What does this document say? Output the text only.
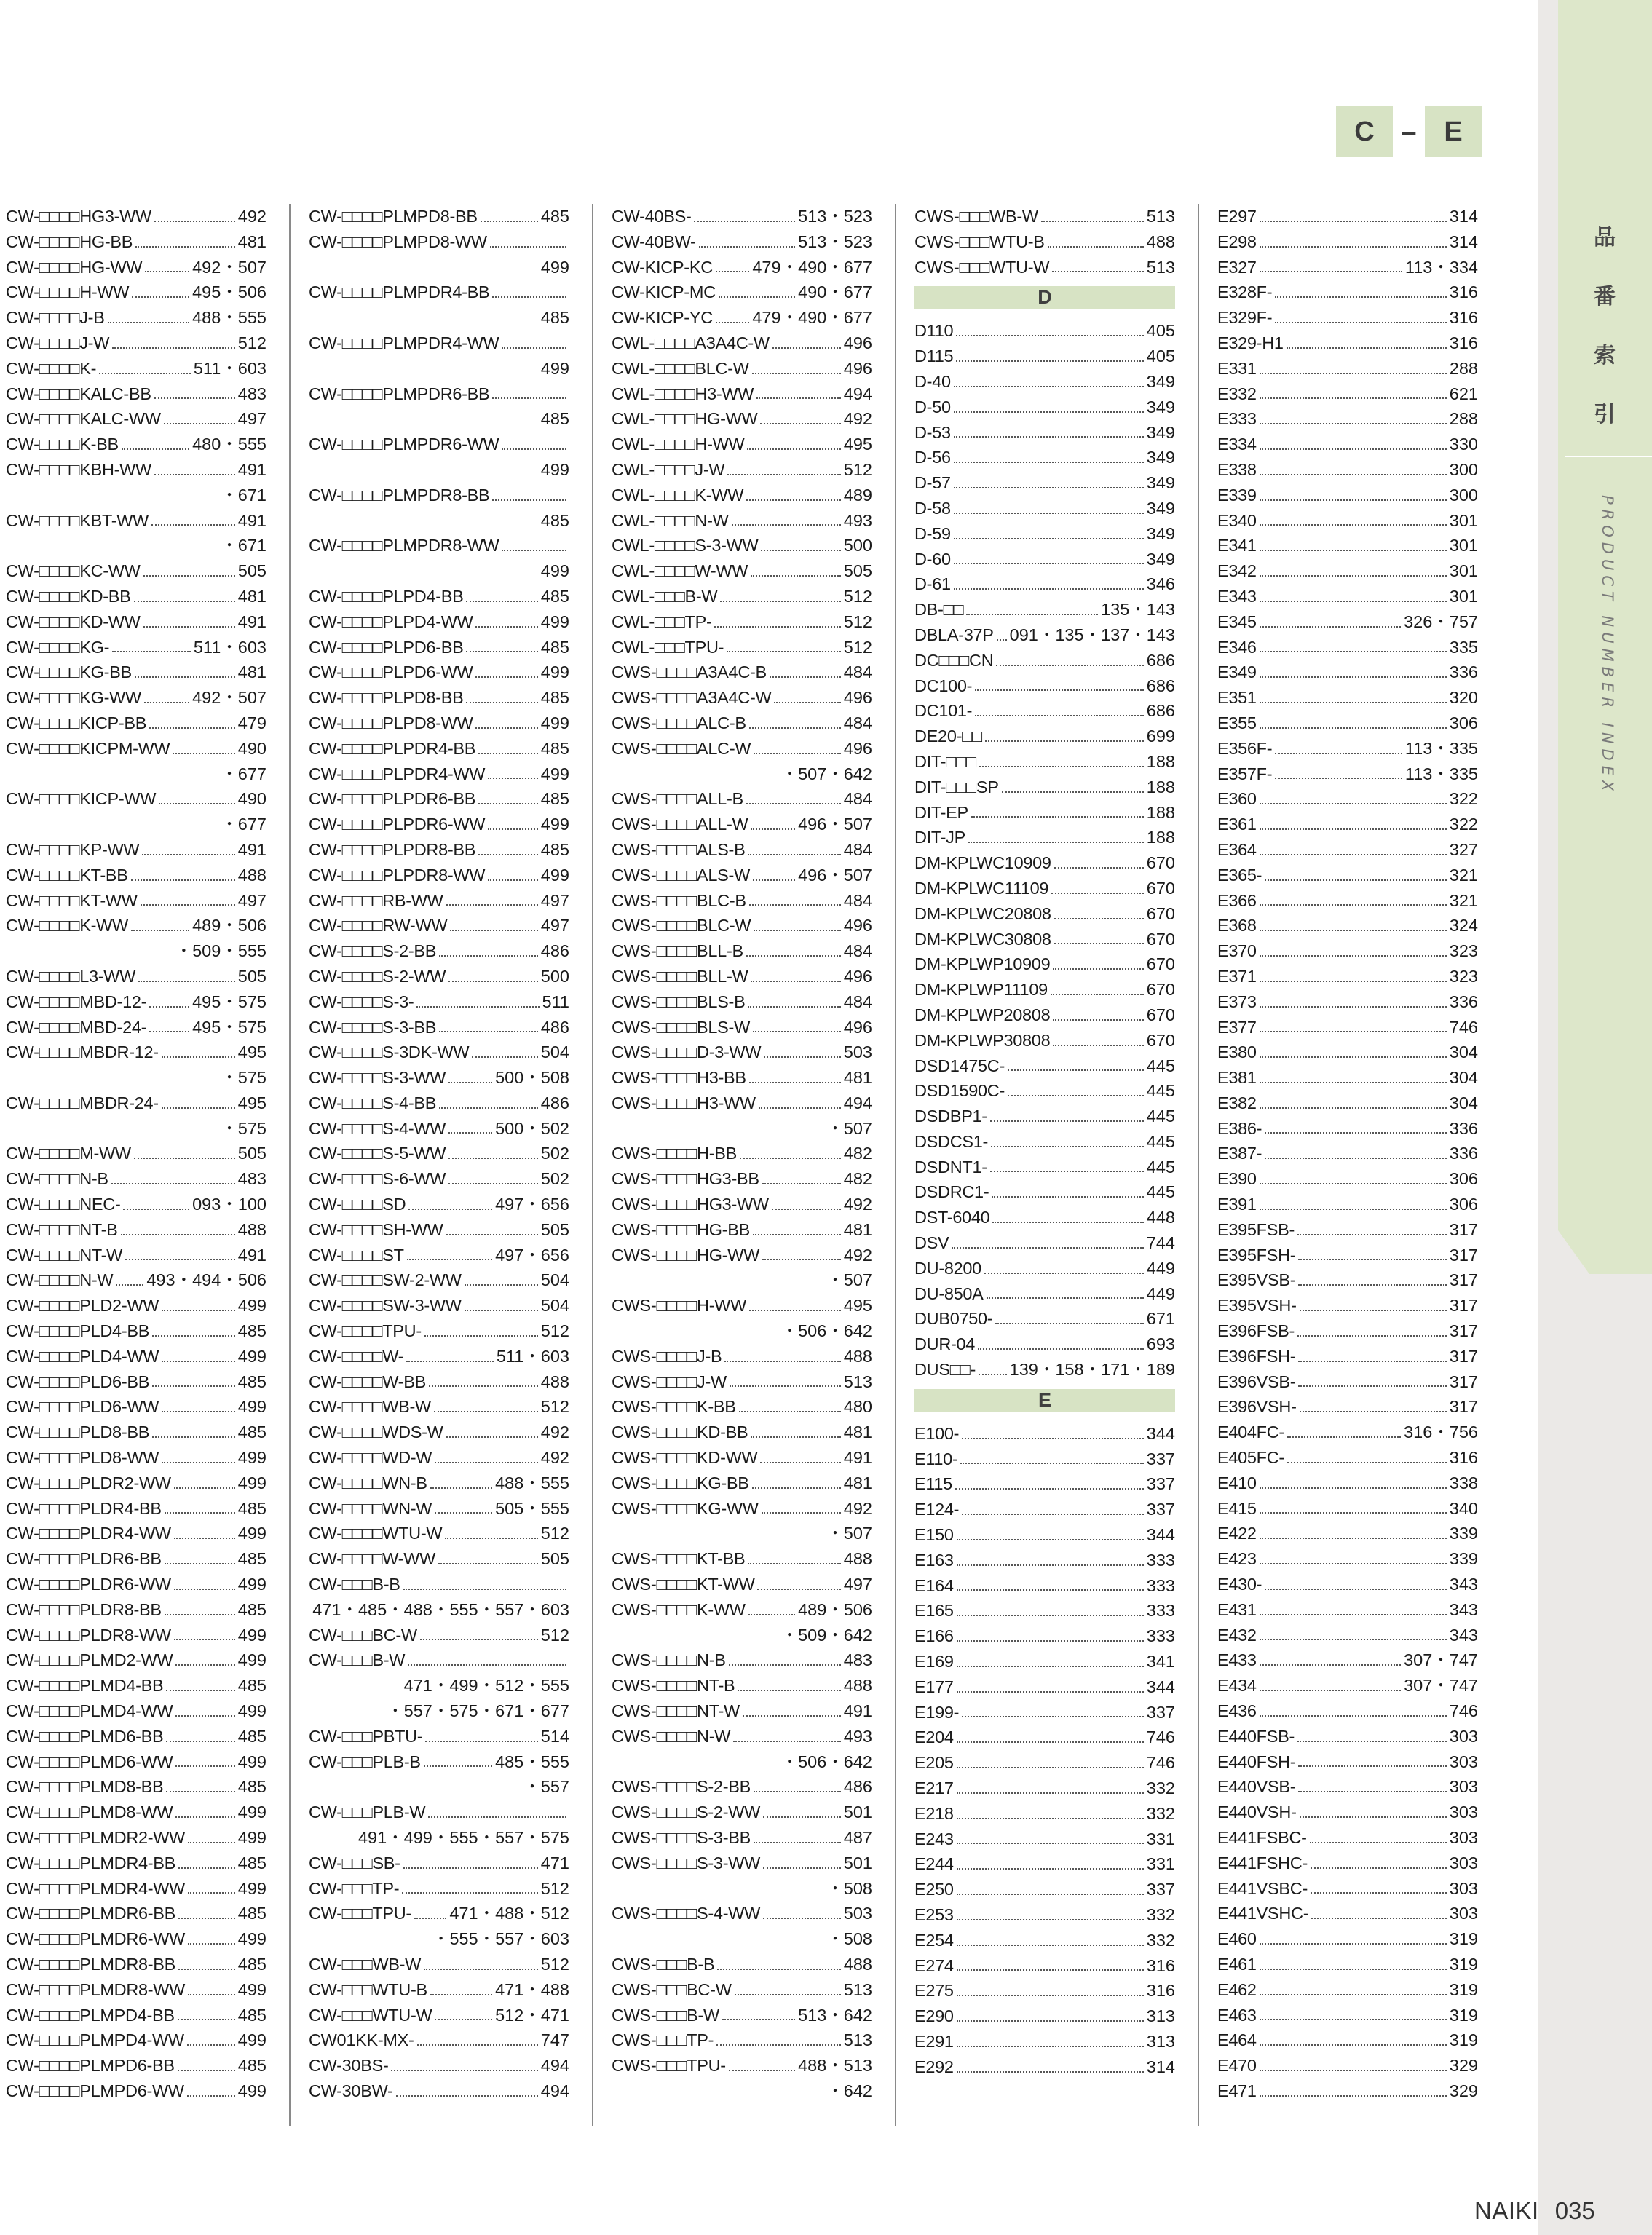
品
番
索
引
PRODUCT NUMBER INDEX
C – E
CW-□□□□HG3-WW	492
CW-□□□□HG-BB	481
CW-□□□□HG-WW	492・507
CW-□□□□H-WW	495・506
CW-□□□□J-B	488・555
CW-□□□□J-W	512
CW-□□□□K-	511・603
CW-□□□□KALC-BB	483
CW-□□□□KALC-WW	497
CW-□□□□K-BB	480・555
CW-□□□□KBH-WW	491
・671
CW-□□□□KBT-WW	491
・671
CW-□□□□KC-WW	505
CW-□□□□KD-BB	481
CW-□□□□KD-WW	491
CW-□□□□KG-	511・603
CW-□□□□KG-BB	481
CW-□□□□KG-WW	492・507
CW-□□□□KICP-BB	479
CW-□□□□KICPM-WW	490
・677
CW-□□□□KICP-WW	490
・677
CW-□□□□KP-WW	491
CW-□□□□KT-BB	488
CW-□□□□KT-WW	497
CW-□□□□K-WW	489・506
・509・555
CW-□□□□L3-WW	505
CW-□□□□MBD-12-	495・575
CW-□□□□MBD-24-	495・575
CW-□□□□MBDR-12-	495
・575
CW-□□□□MBDR-24-	495
・575
CW-□□□□M-WW	505
CW-□□□□N-B	483
CW-□□□□NEC-	093・100
CW-□□□□NT-B	488
CW-□□□□NT-W	491
CW-□□□□N-W 493・494・506
CW-□□□□PLD2-WW	499
CW-□□□□PLD4-BB	485
CW-□□□□PLD4-WW	499
CW-□□□□PLD6-BB	485
CW-□□□□PLD6-WW	499
CW-□□□□PLD8-BB	485
CW-□□□□PLD8-WW	499
CW-□□□□PLDR2-WW	499
CW-□□□□PLDR4-BB	485
CW-□□□□PLDR4-WW	499
CW-□□□□PLDR6-BB	485
CW-□□□□PLDR6-WW	499
CW-□□□□PLDR8-BB	485
CW-□□□□PLDR8-WW	499
CW-□□□□PLMD2-WW	499
CW-□□□□PLMD4-BB	485
CW-□□□□PLMD4-WW	499
CW-□□□□PLMD6-BB	485
CW-□□□□PLMD6-WW	499
CW-□□□□PLMD8-BB	485
CW-□□□□PLMD8-WW	499
CW-□□□□PLMDR2-WW	499
CW-□□□□PLMDR4-BB	485
CW-□□□□PLMDR4-WW	499
CW-□□□□PLMDR6-BB	485
CW-□□□□PLMDR6-WW	499
CW-□□□□PLMDR8-BB	485
CW-□□□□PLMDR8-WW	499
CW-□□□□PLMPD4-BB	485
CW-□□□□PLMPD4-WW	499
CW-□□□□PLMPD6-BB	485
CW-□□□□PLMPD6-WW	499
CW-□□□□PLMPD8-BB	485
CW-□□□□PLMPD8-WW
499
CW-□□□□PLMPDR4-BB
485
CW-□□□□PLMPDR4-WW
499
CW-□□□□PLMPDR6-BB
485
CW-□□□□PLMPDR6-WW
499
CW-□□□□PLMPDR8-BB
485
CW-□□□□PLMPDR8-WW
499
CW-□□□□PLPD4-BB	485
CW-□□□□PLPD4-WW	499
CW-□□□□PLPD6-BB	485
CW-□□□□PLPD6-WW	499
CW-□□□□PLPD8-BB	485
CW-□□□□PLPD8-WW	499
CW-□□□□PLPDR4-BB	485
CW-□□□□PLPDR4-WW	499
CW-□□□□PLPDR6-BB	485
CW-□□□□PLPDR6-WW	499
CW-□□□□PLPDR8-BB	485
CW-□□□□PLPDR8-WW	499
CW-□□□□RB-WW	497
CW-□□□□RW-WW	497
CW-□□□□S-2-BB	486
CW-□□□□S-2-WW	500
CW-□□□□S-3-	511
CW-□□□□S-3-BB	486
CW-□□□□S-3DK-WW	504
CW-□□□□S-3-WW	500・508
CW-□□□□S-4-BB	486
CW-□□□□S-4-WW	500・502
CW-□□□□S-5-WW	502
CW-□□□□S-6-WW	502
CW-□□□□SD	497・656
CW-□□□□SH-WW	505
CW-□□□□ST	497・656
CW-□□□□SW-2-WW	504
CW-□□□□SW-3-WW	504
CW-□□□□TPU-	512
CW-□□□□W-	511・603
CW-□□□□W-BB	488
CW-□□□□WB-W	512
CW-□□□□WDS-W	492
CW-□□□□WD-W	492
CW-□□□□WN-B	488・555
CW-□□□□WN-W	505・555
CW-□□□□WTU-W	512
CW-□□□□W-WW	505
CW-□□□B-B
471・485・488・555・557・603
CW-□□□BC-W	512
CW-□□□B-W
471・499・512・555
・557・575・671・677
CW-□□□PBTU-	514
CW-□□□PLB-B	485・555
・557
CW-□□□PLB-W
491・499・555・557・575
CW-□□□SB-	471
CW-□□□TP-	512
CW-□□□TPU- 471・488・512
・555・557・603
CW-□□□WB-W	512
CW-□□□WTU-B	471・488
CW-□□□WTU-W	512・471
CW01KK-MX-	747
CW-30BS-	494
CW-30BW-	494
CW-40BS-	513・523
CW-40BW-	513・523
CW-KICP-KC 479・490・677
CW-KICP-MC	490・677
CW-KICP-YC 479・490・677
CWL-□□□□A3A4C-W	496
CWL-□□□□BLC-W	496
CWL-□□□□H3-WW	494
CWL-□□□□HG-WW	492
CWL-□□□□H-WW	495
CWL-□□□□J-W	512
CWL-□□□□K-WW	489
CWL-□□□□N-W	493
CWL-□□□□S-3-WW	500
CWL-□□□□W-WW	505
CWL-□□□B-W	512
CWL-□□□TP-	512
CWL-□□□TPU-	512
CWS-□□□□A3A4C-B	484
CWS-□□□□A3A4C-W	496
CWS-□□□□ALC-B	484
CWS-□□□□ALC-W	496
・507・642
CWS-□□□□ALL-B	484
CWS-□□□□ALL-W	496・507
CWS-□□□□ALS-B	484
CWS-□□□□ALS-W	496・507
CWS-□□□□BLC-B	484
CWS-□□□□BLC-W	496
CWS-□□□□BLL-B	484
CWS-□□□□BLL-W	496
CWS-□□□□BLS-B	484
CWS-□□□□BLS-W	496
CWS-□□□□D-3-WW	503
CWS-□□□□H3-BB	481
CWS-□□□□H3-WW	494
・507
CWS-□□□□H-BB	482
CWS-□□□□HG3-BB	482
CWS-□□□□HG3-WW	492
CWS-□□□□HG-BB	481
CWS-□□□□HG-WW	492
・507
CWS-□□□□H-WW	495
・506・642
CWS-□□□□J-B	488
CWS-□□□□J-W	513
CWS-□□□□K-BB	480
CWS-□□□□KD-BB	481
CWS-□□□□KD-WW	491
CWS-□□□□KG-BB	481
CWS-□□□□KG-WW	492
・507
CWS-□□□□KT-BB	488
CWS-□□□□KT-WW	497
CWS-□□□□K-WW	489・506
・509・642
CWS-□□□□N-B	483
CWS-□□□□NT-B	488
CWS-□□□□NT-W	491
CWS-□□□□N-W	493
・506・642
CWS-□□□□S-2-BB	486
CWS-□□□□S-2-WW	501
CWS-□□□□S-3-BB	487
CWS-□□□□S-3-WW	501
・508
CWS-□□□□S-4-WW	503
・508
CWS-□□□B-B	488
CWS-□□□BC-W	513
CWS-□□□B-W	513・642
CWS-□□□TP-	513
CWS-□□□TPU-	488・513
・642
CWS-□□□WB-W	513
CWS-□□□WTU-B	488
CWS-□□□WTU-W	513
D
D110	405
D115	405
D-40	349
D-50	349
D-53	349
D-56	349
D-57	349
D-58	349
D-59	349
D-60	349
D-61	346
DB-□□	135・143
DBLA-37P 091・135・137・143
DC□□□CN	686
DC100-	686
DC101-	686
DE20-□□	699
DIT-□□□	188
DIT-□□□SP	188
DIT-EP	188
DIT-JP	188
DM-KPLWC10909	670
DM-KPLWC11109	670
DM-KPLWC20808	670
DM-KPLWC30808	670
DM-KPLWP10909	670
DM-KPLWP11109	670
DM-KPLWP20808	670
DM-KPLWP30808	670
DSD1475C-	445
DSD1590C-	445
DSDBP1-	445
DSDCS1-	445
DSDNT1-	445
DSDRC1-	445
DST-6040	448
DSV	744
DU-8200	449
DU-850A	449
DUB0750-	671
DUR-04	693
DUS□□- 139・158・171・189
E
E100-	344
E110-	337
E115	337
E124-	337
E150	344
E163	333
E164	333
E165	333
E166	333
E169	341
E177	344
E199-	337
E204	746
E205	746
E217	332
E218	332
E243	331
E244	331
E250	337
E253	332
E254	332
E274	316
E275	316
E290	313
E291	313
E292	314
E297	314
E298	314
E327	113・334
E328F-	316
E329F-	316
E329-H1	316
E331	288
E332	621
E333	288
E334	330
E338	300
E339	300
E340	301
E341	301
E342	301
E343	301
E345	326・757
E346	335
E349	336
E351	320
E355	306
E356F-	113・335
E357F-	113・335
E360	322
E361	322
E364	327
E365-	321
E366	321
E368	324
E370	323
E371	323
E373	336
E377	746
E380	304
E381	304
E382	304
E386-	336
E387-	336
E390	306
E391	306
E395FSB-	317
E395FSH-	317
E395VSB-	317
E395VSH-	317
E396FSB-	317
E396FSH-	317
E396VSB-	317
E396VSH-	317
E404FC-	316・756
E405FC-	316
E410	338
E415	340
E422	339
E423	339
E430-	343
E431	343
E432	343
E433	307・747
E434	307・747
E436	746
E440FSB-	303
E440FSH-	303
E440VSB-	303
E440VSH-	303
E441FSBC-	303
E441FSHC-	303
E441VSBC-	303
E441VSHC-	303
E460	319
E461	319
E462	319
E463	319
E464	319
E470	329
E471	329
NAIKI 035
